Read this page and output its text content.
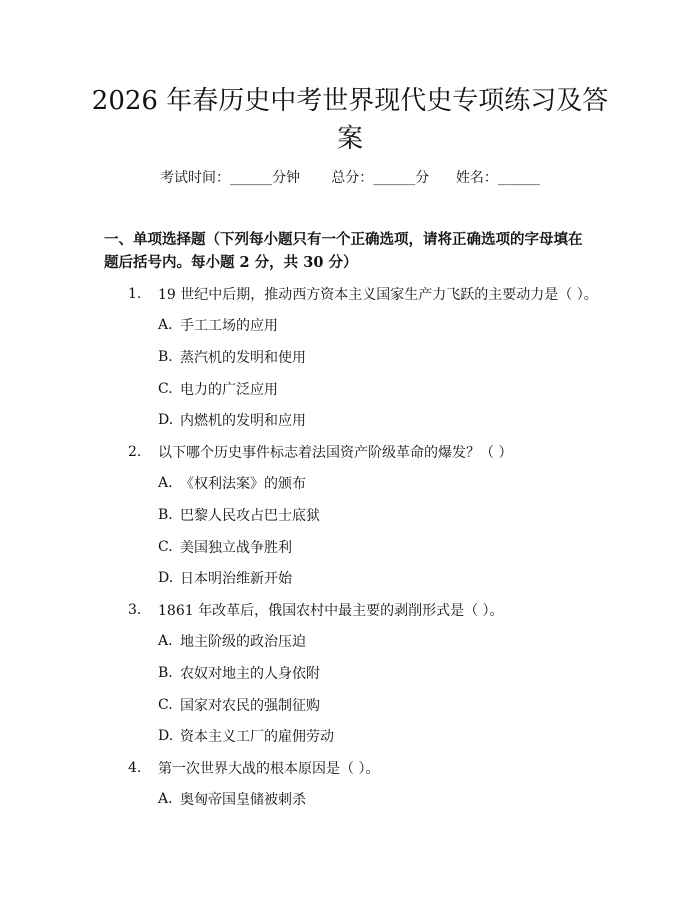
2026 年春历史中考世界现代史专项练习及答案
考试时间：______分钟 总分：______分 姓名：______

一、单项选择题（下列每小题只有一个正确选项，请将正确选项的字母填在题后括号内。每小题 2 分，共 30 分）

1.	19 世纪中后期，推动西方资本主义国家生产力飞跃的主要动力是（ ）。
A. 手工工场的应用
B. 蒸汽机的发明和使用
C. 电力的广泛应用
D. 内燃机的发明和应用
2.	以下哪个历史事件标志着法国资产阶级革命的爆发？（ ）
A. 《权利法案》的颁布
B. 巴黎人民攻占巴士底狱
C. 美国独立战争胜利
D. 日本明治维新开始
3.	1861 年改革后，俄国农村中最主要的剥削形式是（ ）。
A. 地主阶级的政治压迫
B. 农奴对地主的人身依附
C. 国家对农民的强制征购
D. 资本主义工厂的雇佣劳动
4.	第一次世界大战的根本原因是（ ）。
A. 奥匈帝国皇储被刺杀
